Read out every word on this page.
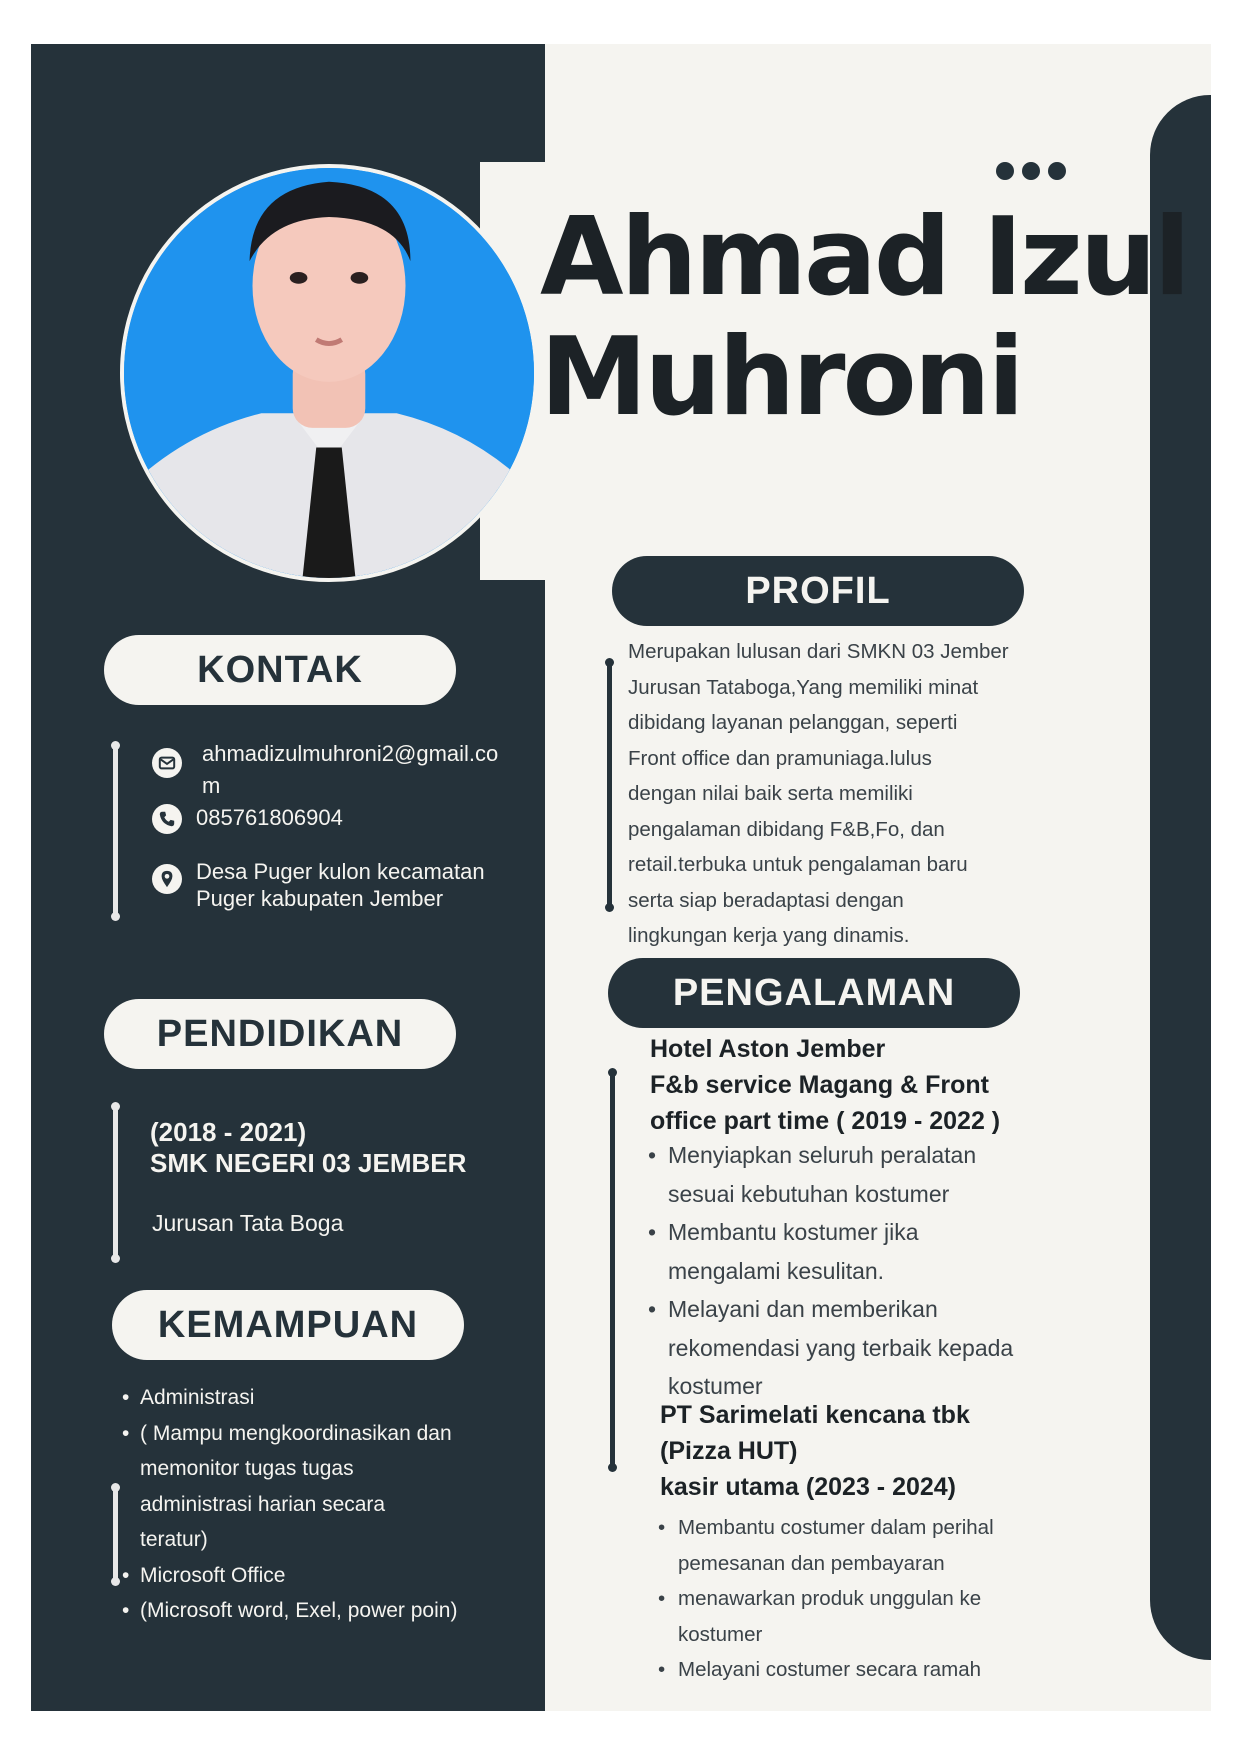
Ahmad Izul
Muhroni
KONTAK
ahmadizulmuhroni2@gmail.co
m
085761806904
Desa Puger kulon kecamatan
Puger kabupaten Jember
PENDIDIKAN
(2018 - 2021)
SMK NEGERI 03 JEMBER
Jurusan Tata Boga
KEMAMPUAN
• Administrasi
• ( Mampu mengkoordinasikan dan
memonitor tugas tugas
administrasi harian secara
teratur)
• Microsoft Office
• (Microsoft word, Exel, power poin)
PROFIL
Merupakan lulusan dari SMKN 03 Jember
Jurusan Tataboga,Yang memiliki minat
dibidang layanan pelanggan, seperti
Front office dan pramuniaga.lulus
dengan nilai baik serta memiliki
pengalaman dibidang F&B,Fo, dan
retail.terbuka untuk pengalaman baru
serta siap beradaptasi dengan
lingkungan kerja yang dinamis.
PENGALAMAN
Hotel Aston Jember
F&b service Magang & Front
office part time ( 2019 - 2022 )
• Menyiapkan seluruh peralatan
sesuai kebutuhan kostumer
• Membantu kostumer jika
mengalami kesulitan.
• Melayani dan memberikan
rekomendasi yang terbaik kepada
kostumer
PT Sarimelati kencana tbk
(Pizza HUT)
kasir utama (2023 - 2024)
• Membantu costumer dalam perihal
pemesanan dan pembayaran
• menawarkan produk unggulan ke
kostumer
• Melayani costumer secara ramah
